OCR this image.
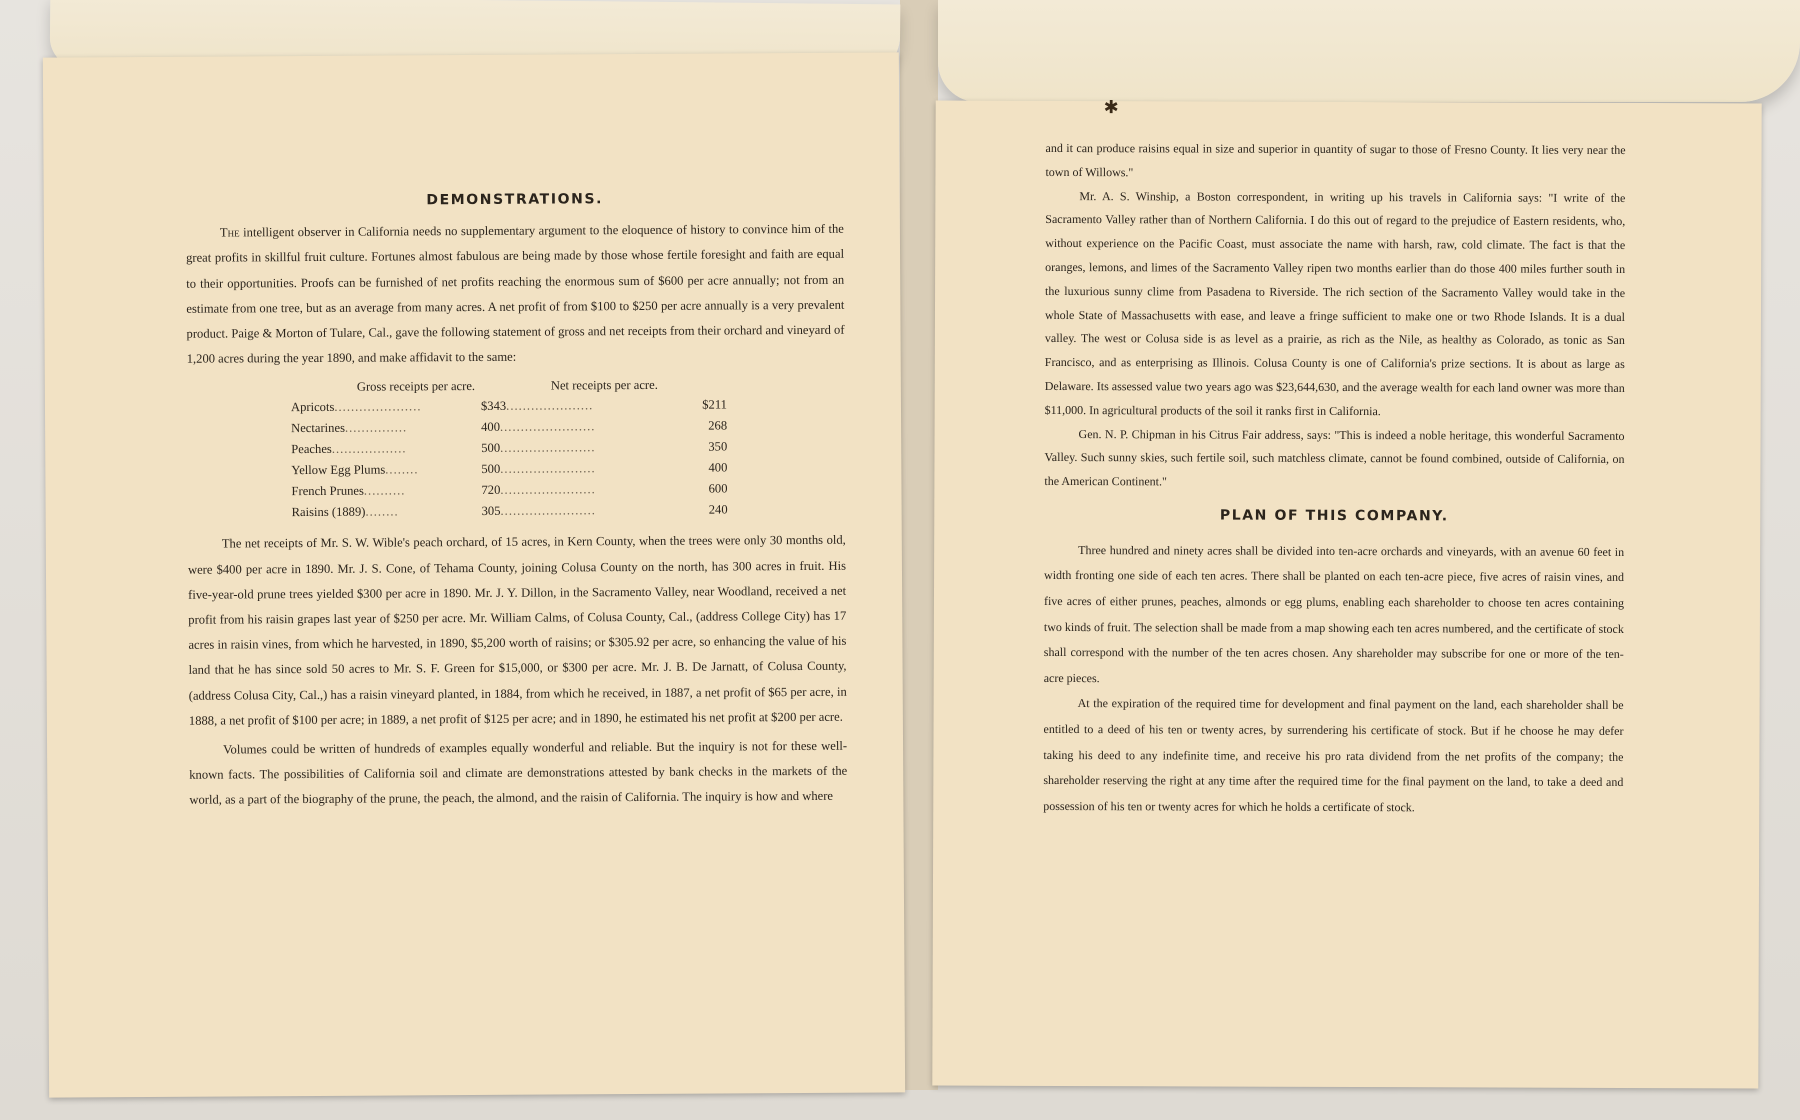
DEMONSTRATIONS.

The intelligent observer in California needs no supplementary argument to the eloquence of history to convince him of the great profits in skillful fruit culture. Fortunes almost fabulous are being made by those whose fertile foresight and faith are equal to their opportunities. Proofs can be furnished of net profits reaching the enormous sum of $600 per acre annually; not from an estimate from one tree, but as an average from many acres. A net profit of from $100 to $250 per acre annually is a very prevalent product. Paige & Morton of Tulare, Cal., gave the following statement of gross and net receipts from their orchard and vineyard of 1,200 acres during the year 1890, and make affidavit to the same:

Gross receipts per acre.	Net receipts per acre.
Apricots.....................	$343.....................	$211
Nectarines...............	400.......................	268
Peaches..................	500.......................	350
Yellow Egg Plums........	500.......................	400
French Prunes..........	720.......................	600
Raisins (1889)........	305.......................	240

The net receipts of Mr. S. W. Wible's peach orchard, of 15 acres, in Kern County, when the trees were only 30 months old, were $400 per acre in 1890. Mr. J. S. Cone, of Tehama County, joining Colusa County on the north, has 300 acres in fruit. His five-year-old prune trees yielded $300 per acre in 1890. Mr. J. Y. Dillon, in the Sacramento Valley, near Woodland, received a net profit from his raisin grapes last year of $250 per acre. Mr. William Calms, of Colusa County, Cal., (address College City) has 17 acres in raisin vines, from which he harvested, in 1890, $5,200 worth of raisins; or $305.92 per acre, so enhancing the value of his land that he has since sold 50 acres to Mr. S. F. Green for $15,000, or $300 per acre. Mr. J. B. De Jarnatt, of Colusa County, (address Colusa City, Cal.,) has a raisin vineyard planted, in 1884, from which he received, in 1887, a net profit of $65 per acre, in 1888, a net profit of $100 per acre; in 1889, a net profit of $125 per acre; and in 1890, he estimated his net profit at $200 per acre.

Volumes could be written of hundreds of examples equally wonderful and reliable. But the inquiry is not for these well-known facts. The possibilities of California soil and climate are demonstrations attested by bank checks in the markets of the world, as a part of the biography of the prune, the peach, the almond, and the raisin of California. The inquiry is how and where

✱

and it can produce raisins equal in size and superior in quantity of sugar to those of Fresno County. It lies very near the town of Willows."

Mr. A. S. Winship, a Boston correspondent, in writing up his travels in California says: "I write of the Sacramento Valley rather than of Northern California. I do this out of regard to the prejudice of Eastern residents, who, without experience on the Pacific Coast, must associate the name with harsh, raw, cold climate. The fact is that the oranges, lemons, and limes of the Sacramento Valley ripen two months earlier than do those 400 miles further south in the luxurious sunny clime from Pasadena to Riverside. The rich section of the Sacramento Valley would take in the whole State of Massachusetts with ease, and leave a fringe sufficient to make one or two Rhode Islands. It is a dual valley. The west or Colusa side is as level as a prairie, as rich as the Nile, as healthy as Colorado, as tonic as San Francisco, and as enterprising as Illinois. Colusa County is one of California's prize sections. It is about as large as Delaware. Its assessed value two years ago was $23,644,630, and the average wealth for each land owner was more than $11,000. In agricultural products of the soil it ranks first in California.

Gen. N. P. Chipman in his Citrus Fair address, says: "This is indeed a noble heritage, this wonderful Sacramento Valley. Such sunny skies, such fertile soil, such matchless climate, cannot be found combined, outside of California, on the American Continent."

PLAN OF THIS COMPANY.

Three hundred and ninety acres shall be divided into ten-acre orchards and vineyards, with an avenue 60 feet in width fronting one side of each ten acres. There shall be planted on each ten-acre piece, five acres of raisin vines, and five acres of either prunes, peaches, almonds or egg plums, enabling each shareholder to choose ten acres containing two kinds of fruit. The selection shall be made from a map showing each ten acres numbered, and the certificate of stock shall correspond with the number of the ten acres chosen. Any shareholder may subscribe for one or more of the ten-acre pieces.

At the expiration of the required time for development and final payment on the land, each shareholder shall be entitled to a deed of his ten or twenty acres, by surrendering his certificate of stock. But if he choose he may defer taking his deed to any indefinite time, and receive his pro rata dividend from the net profits of the company; the shareholder reserving the right at any time after the required time for the final payment on the land, to take a deed and possession of his ten or twenty acres for which he holds a certificate of stock.
